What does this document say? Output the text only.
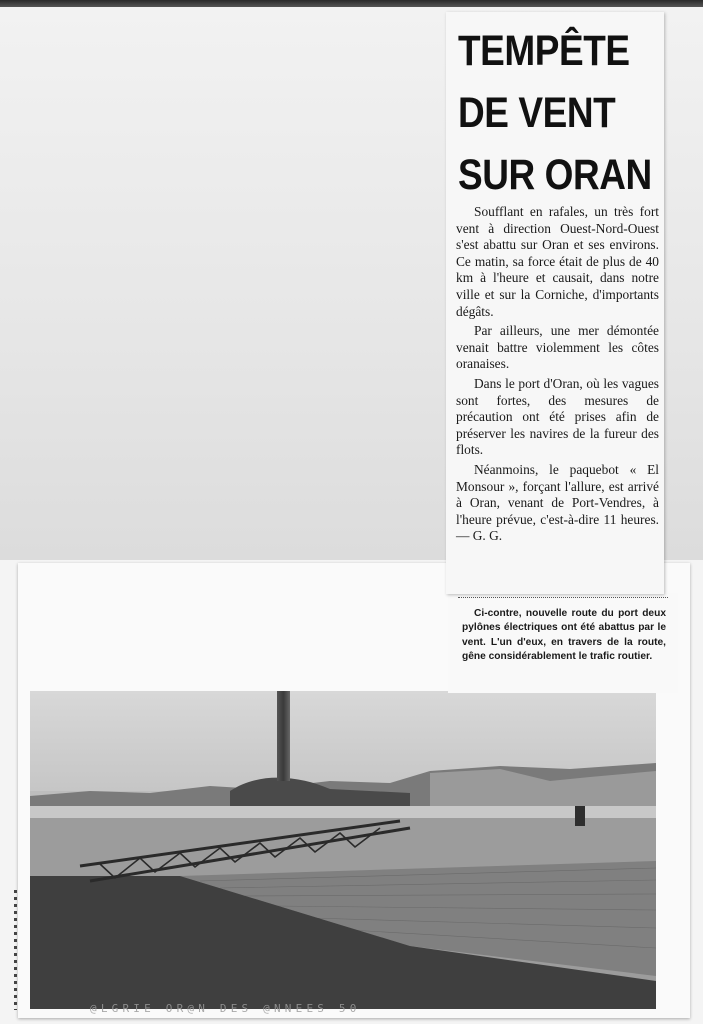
Ci-contre, nouvelle route du port deux pylônes électriques ont été abattus par le vent. L'un d'eux, en travers de la route, gêne considérablement le trafic routier.

TEMPÊTE
DE VENT
SUR ORAN

Soufflant en rafales, un très fort vent à direction Ouest-Nord-Ouest s'est abattu sur Oran et ses environs. Ce matin, sa force était de plus de 40 km à l'heure et causait, dans notre ville et sur la Corniche, d'importants dégâts.

Par ailleurs, une mer démontée venait battre violemment les côtes oranaises.

Dans le port d'Oran, où les vagues sont fortes, des mesures de précaution ont été prises afin de préserver les navires de la fureur des flots.

Néanmoins, le paquebot « El Monsour », forçant l'allure, est arrivé à Oran, venant de Port-Vendres, à l'heure prévue, c'est-à-dire 11 heures. — G. G.

@LGRIE OR@N DES @NNEES 50
